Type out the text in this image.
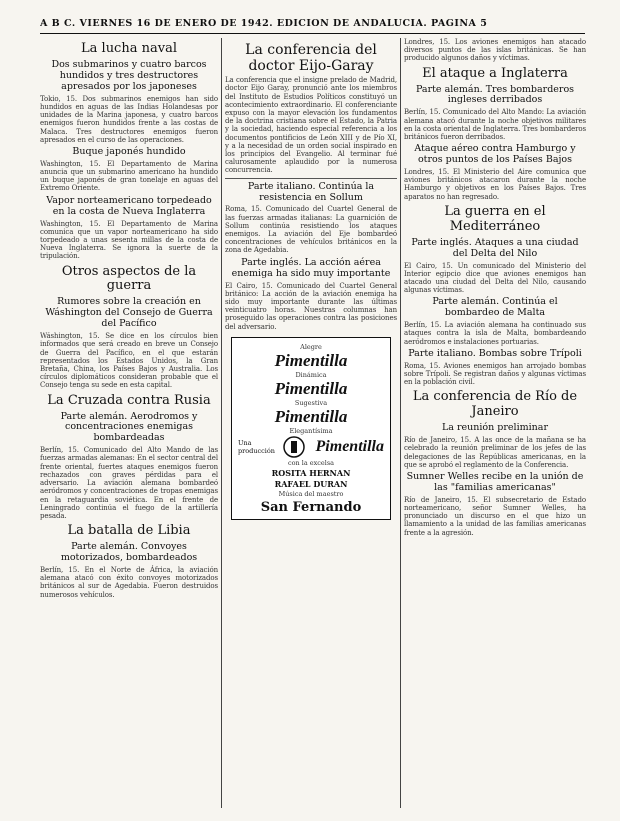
A B C. VIERNES 16 DE ENERO DE 1942. EDICION DE ANDALUCIA. PAGINA 5
La lucha naval
Dos submarinos y cuatro barcos hundidos y tres destructores apresados por los japoneses

Tokio, 15. Dos submarinos enemigos han sido hundidos en aguas de las Indias Holandesas por unidades de la Marina japonesa, y cuatro barcos enemigos fueron hundidos frente a las costas de Malaca. Tres destructores enemigos fueron apresados en el curso de las operaciones.

Buque japonés hundido

Washington, 15. El Departamento de Marina anuncia que un submarino americano ha hundido un buque japonés de gran tonelaje en aguas del Extremo Oriente.

Vapor norteamericano torpedeado en la costa de Nueva Inglaterra

Washington, 15. El Departamento de Marina comunica que un vapor norteamericano ha sido torpedeado a unas sesenta millas de la costa de Nueva Inglaterra. Se ignora la suerte de la tripulación.

Otros aspectos de la guerra
Rumores sobre la creación en Wáshington del Consejo de Guerra del Pacífico

Wáshington, 15. Se dice en los círculos bien informados que será creado en breve un Consejo de Guerra del Pacífico, en el que estarán representados los Estados Unidos, la Gran Bretaña, China, los Países Bajos y Australia. Los círculos diplomáticos consideran probable que el Consejo tenga su sede en esta capital.

La Cruzada contra Rusia
Parte alemán. Aerodromos y concentraciones enemigas bombardeadas

Berlín, 15. Comunicado del Alto Mando de las fuerzas armadas alemanas: En el sector central del frente oriental, fuertes ataques enemigos fueron rechazados con graves pérdidas para el adversario. La aviación alemana bombardeó aeródromos y concentraciones de tropas enemigas en la retaguardia soviética. En el frente de Leningrado continúa el fuego de la artillería pesada.

La batalla de Libia
Parte alemán. Convoyes motorizados, bombardeados

Berlín, 15. En el Norte de África, la aviación alemana atacó con éxito convoyes motorizados británicos al sur de Agedabia. Fueron destruidos numerosos vehículos.

La conferencia del doctor Eijo-Garay

La conferencia que el insigne prelado de Madrid, doctor Eijo Garay, pronunció ante los miembros del Instituto de Estudios Políticos constituyó un acontecimiento extraordinario. El conferenciante expuso con la mayor elevación los fundamentos de la doctrina cristiana sobre el Estado, la Patria y la sociedad, haciendo especial referencia a los documentos pontificios de León XIII y de Pío XI, y a la necesidad de un orden social inspirado en los principios del Evangelio. Al terminar fué calurosamente aplaudido por la numerosa concurrencia.

Parte italiano. Continúa la resistencia en Sollum

Roma, 15. Comunicado del Cuartel General de las fuerzas armadas italianas: La guarnición de Sollum continúa resistiendo los ataques enemigos. La aviación del Eje bombardeó concentraciones de vehículos británicos en la zona de Agedabia.

Parte inglés. La acción aérea enemiga ha sido muy importante

El Cairo, 15. Comunicado del Cuartel General británico: La acción de la aviación enemiga ha sido muy importante durante las últimas veinticuatro horas. Nuestras columnas han proseguido las operaciones contra las posiciones del adversario.

Alegre
Pimentilla
Dinámica
Pimentilla
Sugestiva
Pimentilla
Elegantísima
Una
producción	Pimentilla
con la excelsa
ROSITA HERNAN
RAFAEL DURAN
Música del maestro
San Fernando

Londres, 15. Los aviones enemigos han atacado diversos puntos de las islas británicas. Se han producido algunos daños y víctimas.

El ataque a Inglaterra
Parte alemán. Tres bombarderos ingleses derribados

Berlín, 15. Comunicado del Alto Mando: La aviación alemana atacó durante la noche objetivos militares en la costa oriental de Inglaterra. Tres bombarderos británicos fueron derribados.

Ataque aéreo contra Hamburgo y otros puntos de los Países Bajos

Londres, 15. El Ministerio del Aire comunica que aviones británicos atacaron durante la noche Hamburgo y objetivos en los Países Bajos. Tres aparatos no han regresado.

La guerra en el Mediterráneo
Parte inglés. Ataques a una ciudad del Delta del Nilo

El Cairo, 15. Un comunicado del Ministerio del Interior egipcio dice que aviones enemigos han atacado una ciudad del Delta del Nilo, causando algunas víctimas.

Parte alemán. Continúa el bombardeo de Malta

Berlín, 15. La aviación alemana ha continuado sus ataques contra la isla de Malta, bombardeando aeródromos e instalaciones portuarias.

Parte italiano. Bombas sobre Trípoli

Roma, 15. Aviones enemigos han arrojado bombas sobre Trípoli. Se registran daños y algunas víctimas en la población civil.

La conferencia de Río de Janeiro
La reunión preliminar

Río de Janeiro, 15. A las once de la mañana se ha celebrado la reunión preliminar de los jefes de las delegaciones de las Repúblicas americanas, en la que se aprobó el reglamento de la Conferencia.

Sumner Welles recibe en la unión de las "familias americanas"

Río de Janeiro, 15. El subsecretario de Estado norteamericano, señor Sumner Welles, ha pronunciado un discurso en el que hizo un llamamiento a la unidad de las familias americanas frente a la agresión.
